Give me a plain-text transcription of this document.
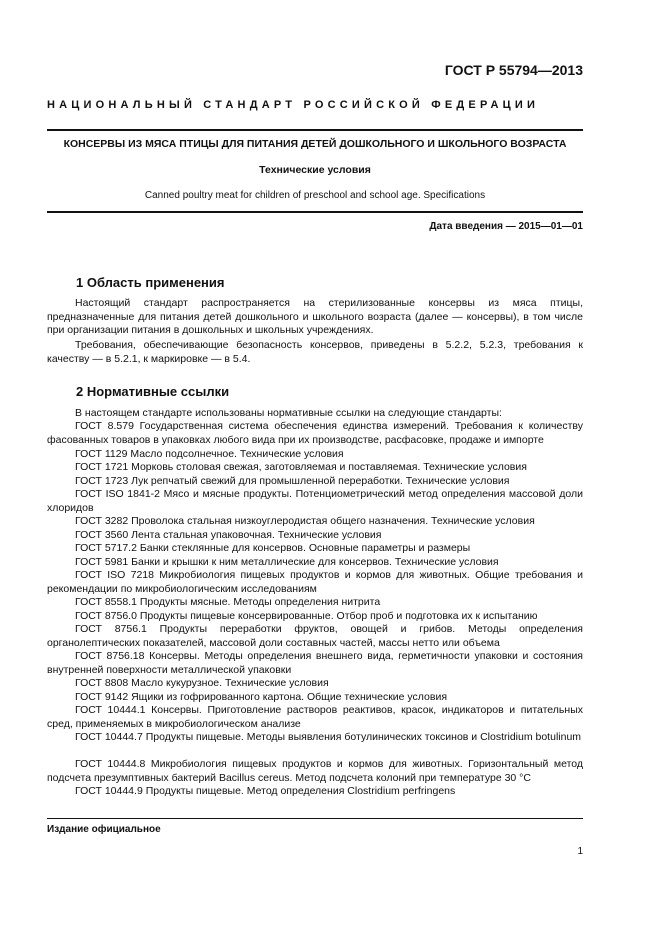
ГОСТ Р 55794—2013
НАЦИОНАЛЬНЫЙ СТАНДАРТ РОССИЙСКОЙ ФЕДЕРАЦИИ
КОНСЕРВЫ ИЗ МЯСА ПТИЦЫ ДЛЯ ПИТАНИЯ ДЕТЕЙ ДОШКОЛЬНОГО И ШКОЛЬНОГО ВОЗРАСТА
Технические условия
Canned poultry meat for children of preschool and school age. Specifications
Дата введения — 2015—01—01
1 Область применения

Настоящий стандарт распространяется на стерилизованные консервы из мяса птицы, предназначенные для питания детей дошкольного и школьного возраста (далее — консервы), в том числе при организации питания в дошкольных и школьных учреждениях.

Требования, обеспечивающие безопасность консервов, приведены в 5.2.2, 5.2.3, требования к качеству — в 5.2.1, к маркировке — в 5.4.

2 Нормативные ссылки

В настоящем стандарте использованы нормативные ссылки на следующие стандарты:

ГОСТ 8.579 Государственная система обеспечения единства измерений. Требования к количеству фасованных товаров в упаковках любого вида при их производстве, расфасовке, продаже и импорте

ГОСТ 1129 Масло подсолнечное. Технические условия

ГОСТ 1721 Морковь столовая свежая, заготовляемая и поставляемая. Технические условия

ГОСТ 1723 Лук репчатый свежий для промышленной переработки. Технические условия

ГОСТ ISO 1841-2 Мясо и мясные продукты. Потенциометрический метод определения массовой доли хлоридов

ГОСТ 3282 Проволока стальная низкоуглеродистая общего назначения. Технические условия

ГОСТ 3560 Лента стальная упаковочная. Технические условия

ГОСТ 5717.2 Банки стеклянные для консервов. Основные параметры и размеры

ГОСТ 5981 Банки и крышки к ним металлические для консервов. Технические условия

ГОСТ ISO 7218 Микробиология пищевых продуктов и кормов для животных. Общие требования и рекомендации по микробиологическим исследованиям

ГОСТ 8558.1 Продукты мясные. Методы определения нитрита

ГОСТ 8756.0 Продукты пищевые консервированные. Отбор проб и подготовка их к испытанию

ГОСТ 8756.1 Продукты переработки фруктов, овощей и грибов. Методы определения органолептических показателей, массовой доли составных частей, массы нетто или объема

ГОСТ 8756.18 Консервы. Методы определения внешнего вида, герметичности упаковки и состояния внутренней поверхности металлической упаковки

ГОСТ 8808 Масло кукурузное. Технические условия

ГОСТ 9142 Ящики из гофрированного картона. Общие технические условия

ГОСТ 10444.1 Консервы. Приготовление растворов реактивов, красок, индикаторов и питательных сред, применяемых в микробиологическом анализе

ГОСТ 10444.7 Продукты пищевые. Методы выявления ботулинических токсинов и Clostridium botulinum

ГОСТ 10444.8 Микробиология пищевых продуктов и кормов для животных. Горизонтальный метод подсчета презумптивных бактерий Bacillus cereus. Метод подсчета колоний при температуре 30 °С

ГОСТ 10444.9 Продукты пищевые. Метод определения Clostridium perfringens

Издание официальное
1
